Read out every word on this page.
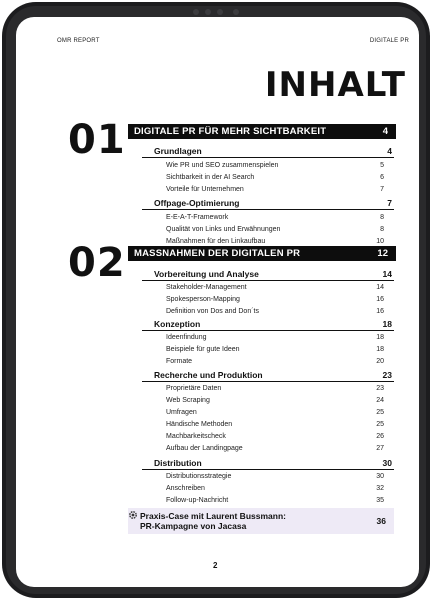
OMR REPORT	DIGITALE PR
INHALT
01 DIGITALE PR FÜR MEHR SICHTBARKEIT	4
Grundlagen	4
Wie PR und SEO zusammenspielen	5
Sichtbarkeit in der AI Search	6
Vorteile für Unternehmen	7
Offpage-Optimierung	7
E-E-A-T-Framework	8
Qualität von Links und Erwähnungen	8
Maßnahmen für den Linkaufbau	10
02 MASSNAHMEN DER DIGITALEN PR	12
Vorbereitung und Analyse	14
Stakeholder-Management	14
Spokesperson-Mapping	16
Definition von Dos and Don´ts	16
Konzeption	18
Ideenfindung	18
Beispiele für gute Ideen	18
Formate	20
Recherche und Produktion	23
Proprietäre Daten	23
Web Scraping	24
Umfragen	25
Händische Methoden	25
Machbarkeitscheck	26
Aufbau der Landingpage	27
Distribution	30
Distributionsstrategie	30
Anschreiben	32
Follow-up-Nachricht	35
Praxis-Case mit Laurent Bussmann:
PR-Kampagne von Jacasa	36
2
